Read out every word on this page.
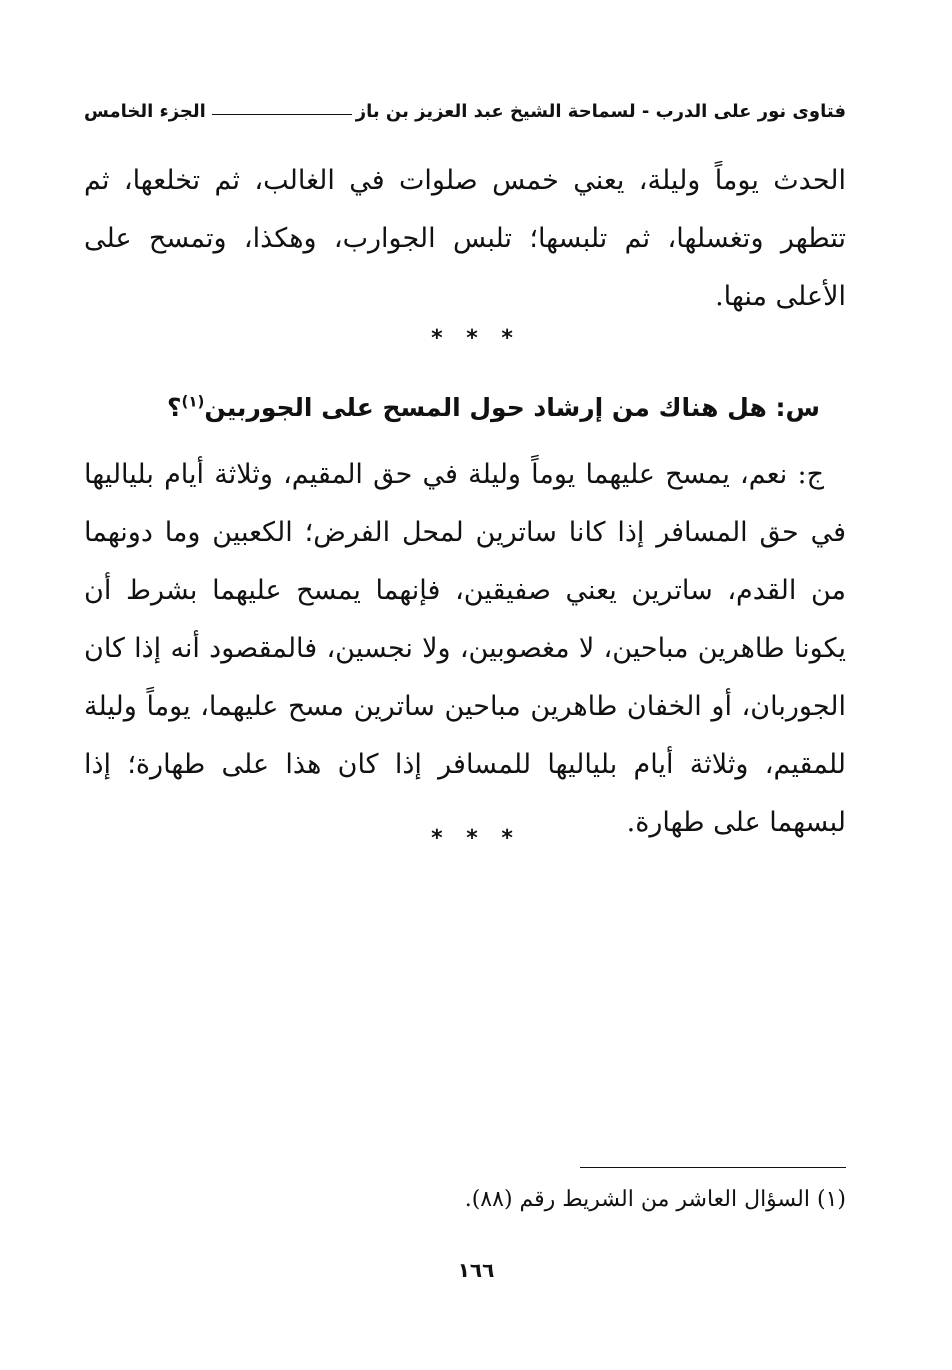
فتاوى نور على الدرب - لسماحة الشيخ عبد العزيز بن باز
الجزء الخامس
الحدث يوماً وليلة، يعني خمس صلوات في الغالب، ثم تخلعها، ثم تتطهر وتغسلها، ثم تلبسها؛ تلبس الجوارب، وهكذا، وتمسح على الأعلى منها.
* * *
س: هل هناك من إرشاد حول المسح على الجوربين$^{(١)}$؟
ج: نعم، يمسح عليهما يوماً وليلة في حق المقيم، وثلاثة أيام بلياليها في حق المسافر إذا كانا ساترين لمحل الفرض؛ الكعبين وما دونهما من القدم، ساترين يعني صفيقين، فإنهما يمسح عليهما بشرط أن يكونا طاهرين مباحين، لا مغصوبين، ولا نجسين، فالمقصود أنه إذا كان الجوربان، أو الخفان طاهرين مباحين ساترين مسح عليهما، يوماً وليلة للمقيم، وثلاثة أيام بلياليها للمسافر إذا كان هذا على طهارة؛ إذا لبسهما على طهارة.
* * *
(١) السؤال العاشر من الشريط رقم (٨٨).
١٦٦
